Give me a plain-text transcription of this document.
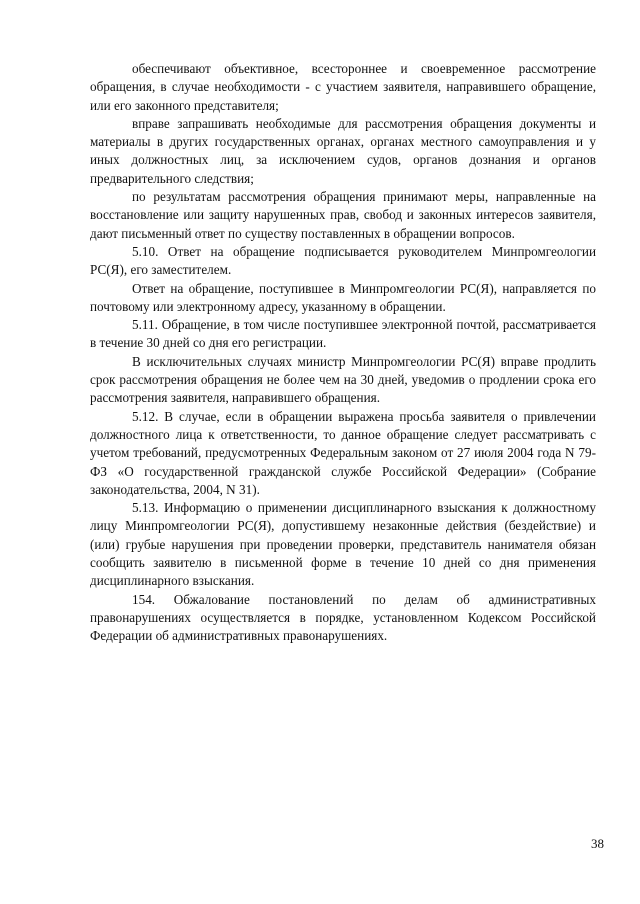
обеспечивают объективное, всестороннее и своевременное рассмотрение обращения, в случае необходимости - с участием заявителя, направившего обращение, или его законного представителя;

вправе запрашивать необходимые для рассмотрения обращения документы и материалы в других государственных органах, органах местного самоуправления и у иных должностных лиц, за исключением судов, органов дознания и органов предварительного следствия;

по результатам рассмотрения обращения принимают меры, направленные на восстановление или защиту нарушенных прав, свобод и законных интересов заявителя, дают письменный ответ по существу поставленных в обращении вопросов.

5.10. Ответ на обращение подписывается руководителем Минпромгеологии РС(Я), его заместителем.

Ответ на обращение, поступившее в Минпромгеологии РС(Я), направляется по почтовому или электронному адресу, указанному в обращении.

5.11. Обращение, в том числе поступившее электронной почтой, рассматривается в течение 30 дней со дня его регистрации.

В исключительных случаях министр Минпромгеологии РС(Я) вправе продлить срок рассмотрения обращения не более чем на 30 дней, уведомив о продлении срока его рассмотрения заявителя, направившего обращения.

5.12. В случае, если в обращении выражена просьба заявителя о привлечении должностного лица к ответственности, то данное обращение следует рассматривать с учетом требований, предусмотренных Федеральным законом от 27 июля 2004 года N 79-ФЗ «О государственной гражданской службе Российской Федерации» (Собрание законодательства, 2004, N 31).

5.13. Информацию о применении дисциплинарного взыскания к должностному лицу Минпромгеологии РС(Я), допустившему незаконные действия (бездействие) и (или) грубые нарушения при проведении проверки, представитель нанимателя обязан сообщить заявителю в письменной форме в течение 10 дней со дня применения дисциплинарного взыскания.

154. Обжалование постановлений по делам об административных правонарушениях осуществляется в порядке, установленном Кодексом Российской Федерации об административных правонарушениях.

38
